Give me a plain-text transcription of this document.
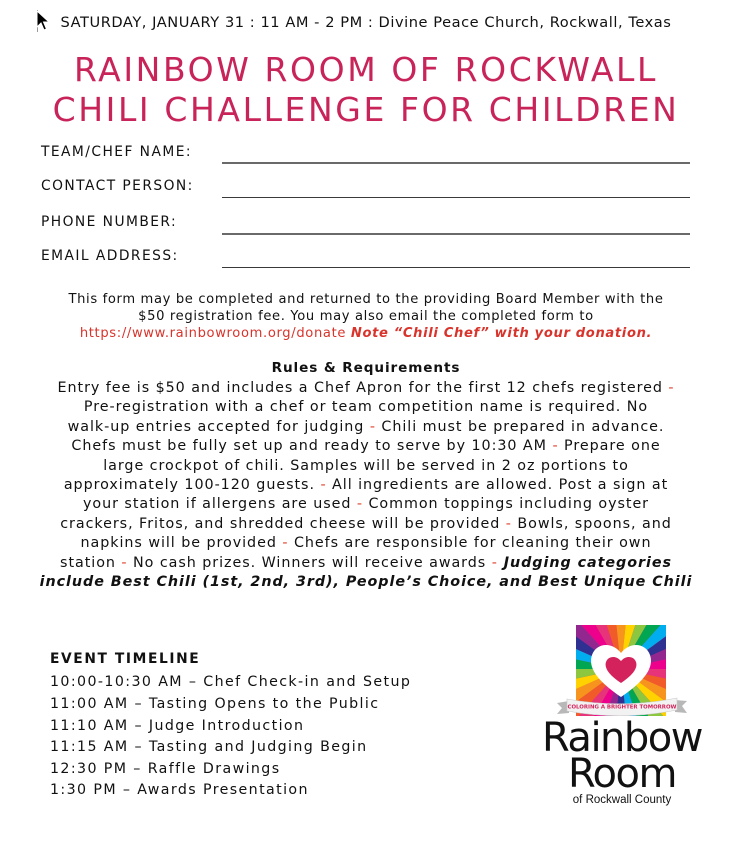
SATURDAY, JANUARY 31 : 11 AM - 2 PM : Divine Peace Church, Rockwall, Texas
RAINBOW ROOM OF ROCKWALL
CHILI CHALLENGE FOR CHILDREN
TEAM/CHEF NAME:
CONTACT PERSON:
PHONE NUMBER:
EMAIL ADDRESS:
This form may be completed and returned to the providing Board Member with the
$50 registration fee. You may also email the completed form to
https://www.rainbowroom.org/donate Note “Chili Chef” with your donation.
Rules & Requirements
Entry fee is $50 and includes a Chef Apron for the first 12 chefs registered -
Pre-registration with a chef or team competition name is required. No
walk-up entries accepted for judging - Chili must be prepared in advance.
Chefs must be fully set up and ready to serve by 10:30 AM - Prepare one
large crockpot of chili. Samples will be served in 2 oz portions to
approximately 100-120 guests. - All ingredients are allowed. Post a sign at
your station if allergens are used - Common toppings including oyster
crackers, Fritos, and shredded cheese will be provided - Bowls, spoons, and
napkins will be provided - Chefs are responsible for cleaning their own
station - No cash prizes. Winners will receive awards - Judging categories
include Best Chili (1st, 2nd, 3rd), People’s Choice, and Best Unique Chili
EVENT TIMELINE
10:00-10:30 AM – Chef Check-in and Setup
11:00 AM – Tasting Opens to the Public
11:10 AM – Judge Introduction
11:15 AM – Tasting and Judging Begin
12:30 PM – Raffle Drawings
1:30 PM – Awards Presentation
COLORING A BRIGHTER TOMORROW
Rainbow
Room
of Rockwall County
